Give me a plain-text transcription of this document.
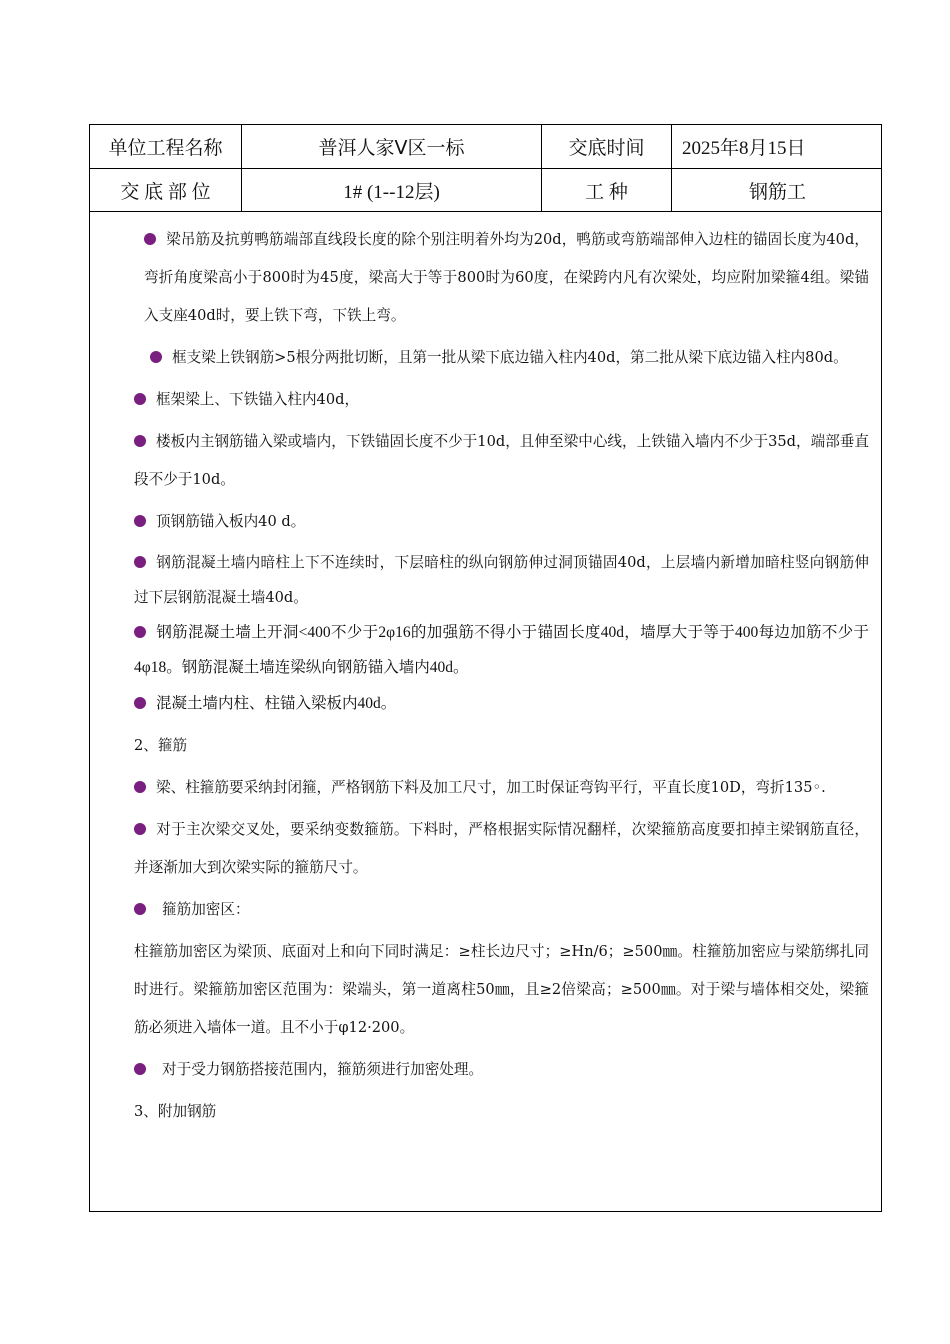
单位工程名称	普洱人家Ⅴ区一标	交底时间	2025年8月15日
交 底 部 位	1# (1--12层)	工 种	钢筋工

梁吊筋及抗剪鸭筋端部直线段长度的除个别注明着外均为20d，鸭筋或弯筋端部伸入边柱的锚固长度为40d，弯折角度梁高小于800时为45度，梁高大于等于800时为60度，在梁跨内凡有次梁处，均应附加梁箍4组。梁锚入支座40d时，要上铁下弯，下铁上弯。

框支梁上铁钢筋>5根分两批切断，且第一批从梁下底边锚入柱内40d，第二批从梁下底边锚入柱内80d。

框架梁上、下铁锚入柱内40d，

楼板内主钢筋锚入梁或墙内，下铁锚固长度不少于10d，且伸至梁中心线，上铁锚入墙内不少于35d，端部垂直段不少于10d。

顶钢筋锚入板内40 d。

钢筋混凝土墙内暗柱上下不连续时，下层暗柱的纵向钢筋伸过洞顶锚固40d，上层墙内新增加暗柱竖向钢筋伸过下层钢筋混凝土墙40d。

钢筋混凝土墙上开洞<400不少于2φ16的加强筋不得小于锚固长度40d，墙厚大于等于400每边加筋不少于4φ18。钢筋混凝土墙连梁纵向钢筋锚入墙内40d。

混凝土墙内柱、柱锚入梁板内40d。

2、箍筋

梁、柱箍筋要采纳封闭箍，严格钢筋下料及加工尺寸，加工时保证弯钩平行，平直长度10D，弯折135◦.

对于主次梁交叉处，要采纳变数箍筋。下料时，严格根据实际情况翻样，次梁箍筋高度要扣掉主梁钢筋直径，并逐渐加大到次梁实际的箍筋尺寸。

箍筋加密区：

柱箍筋加密区为梁顶、底面对上和向下同时满足：≥柱长边尺寸；≥Hn/6；≥500㎜。柱箍筋加密应与梁筋绑扎同时进行。梁箍筋加密区范围为：梁端头，第一道离柱50㎜，且≥2倍梁高；≥500㎜。对于梁与墙体相交处，梁箍筋必须进入墙体一道。且不小于φ12·200。

对于受力钢筋搭接范围内，箍筋须进行加密处理。

3、附加钢筋
